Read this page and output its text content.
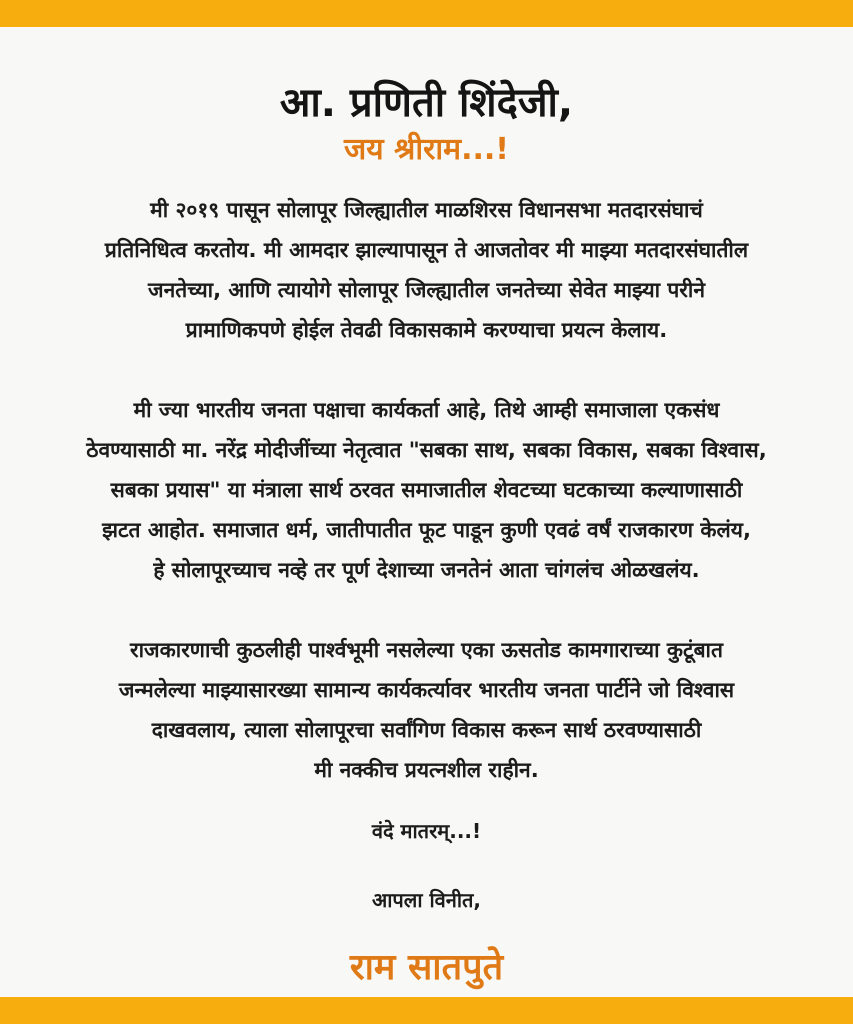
आ. प्रणिती शिंदेजी,
जय श्रीराम...!
मी २०१९ पासून सोलापूर जिल्ह्यातील माळशिरस विधानसभा मतदारसंघाचं
प्रतिनिधित्व करतोय. मी आमदार झाल्यापासून ते आजतोवर मी माझ्या मतदारसंघातील
जनतेच्या, आणि त्यायोगे सोलापूर जिल्ह्यातील जनतेच्या सेवेत माझ्या परीने
प्रामाणिकपणे होईल तेवढी विकासकामे करण्याचा प्रयत्न केलाय.
मी ज्या भारतीय जनता पक्षाचा कार्यकर्ता आहे, तिथे आम्ही समाजाला एकसंध
ठेवण्यासाठी मा. नरेंद्र मोदीजींच्या नेतृत्वात "सबका साथ, सबका विकास, सबका विश्वास,
सबका प्रयास" या मंत्राला सार्थ ठरवत समाजातील शेवटच्या घटकाच्या कल्याणासाठी
झटत आहोत. समाजात धर्म, जातीपातीत फूट पाडून कुणी एवढं वर्षं राजकारण केलंय,
हे सोलापूरच्याच नव्हे तर पूर्ण देशाच्या जनतेनं आता चांगलंच ओळखलंय.
राजकारणाची कुठलीही पार्श्वभूमी नसलेल्या एका ऊसतोड कामगाराच्या कुटूंबात
जन्मलेल्या माझ्यासारख्या सामान्य कार्यकर्त्यावर भारतीय जनता पार्टीने जो विश्वास
दाखवलाय, त्याला सोलापूरचा सर्वांगिण विकास करून सार्थ ठरवण्यासाठी
मी नक्कीच प्रयत्नशील राहीन.
वंदे मातरम्...!
आपला विनीत,
राम सातपुते
